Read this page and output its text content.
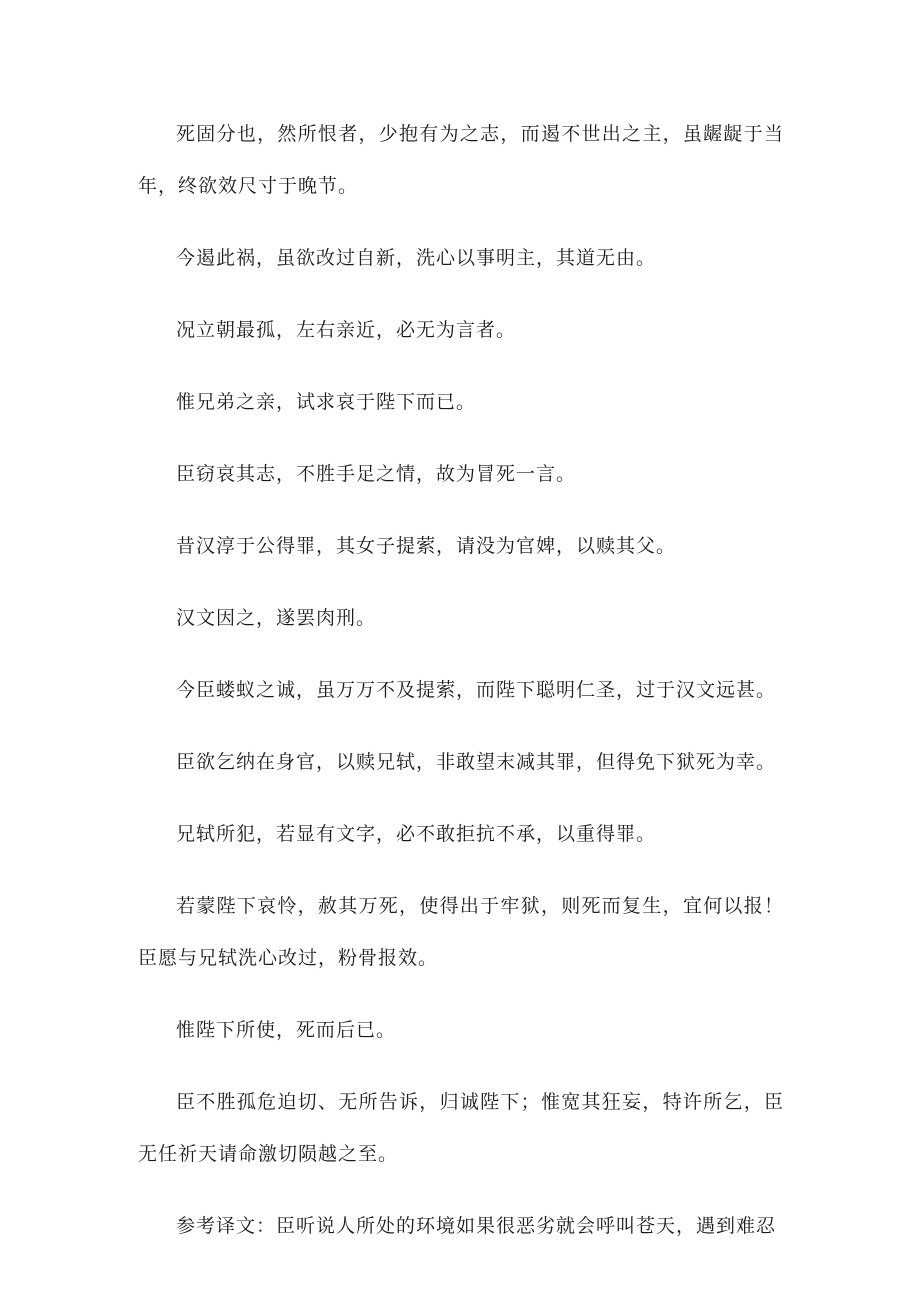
死固分也，然所恨者，少抱有为之志，而遏不世出之主，虽龌龊于当年，终欲效尺寸于晚节。

今遏此祸，虽欲改过自新，洗心以事明主，其道无由。

况立朝最孤，左右亲近，必无为言者。

惟兄弟之亲，试求哀于陛下而已。

臣窃哀其志，不胜手足之情，故为冒死一言。

昔汉淳于公得罪，其女子提萦，请没为官婢，以赎其父。

汉文因之，遂罢肉刑。

今臣蝼蚁之诚，虽万万不及提萦，而陛下聪明仁圣，过于汉文远甚。

臣欲乞纳在身官，以赎兄轼，非敢望末减其罪，但得免下狱死为幸。

兄轼所犯，若显有文字，必不敢拒抗不承，以重得罪。

若蒙陛下哀怜，赦其万死，使得出于牢狱，则死而复生，宜何以报！臣愿与兄轼洗心改过，粉骨报效。

惟陛下所使，死而后已。

臣不胜孤危迫切、无所告诉，归诚陛下；惟宽其狂妄，特许所乞，臣无任祈天请命激切陨越之至。

参考译文：臣听说人所处的环境如果很恶劣就会呼叫苍天，遇到难忍
